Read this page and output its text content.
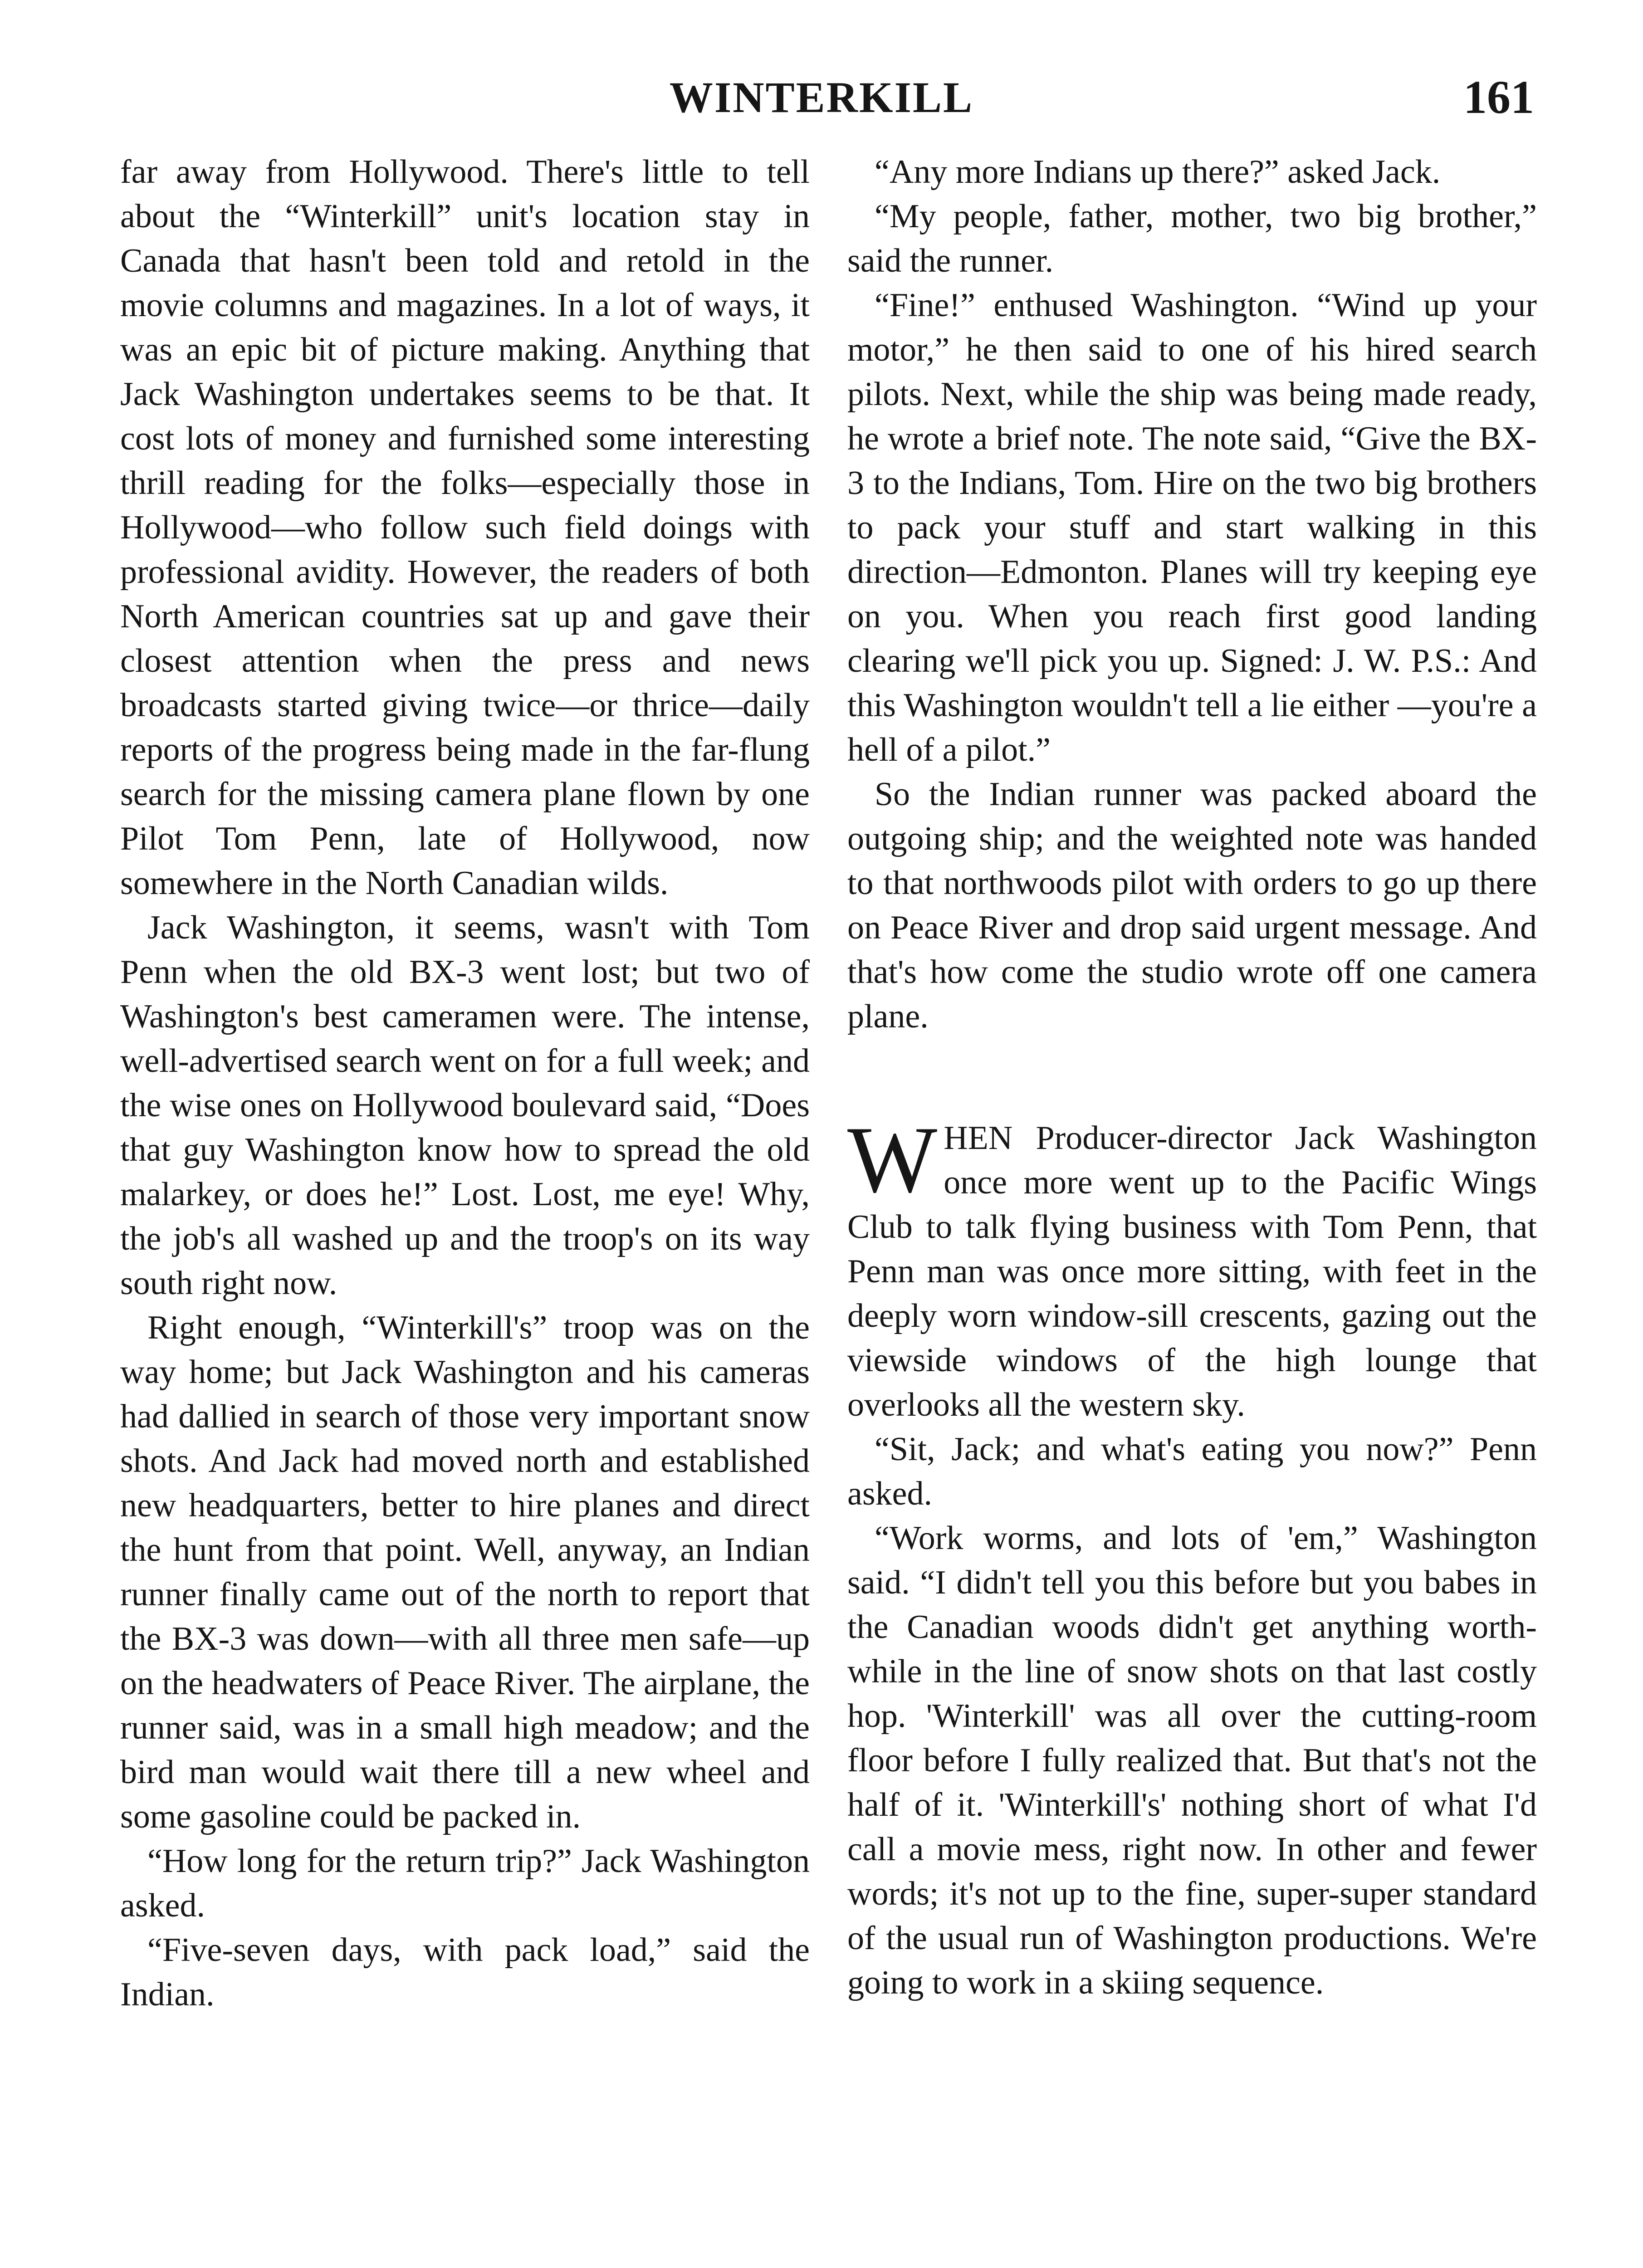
WINTERKILL	161

far away from Hollywood. There's little to tell about the “Winterkill” unit's location stay in Canada that hasn't been told and retold in the movie columns and magazines. In a lot of ways, it was an epic bit of picture making. Anything that Jack Washington undertakes seems to be that. It cost lots of money and furnished some interesting thrill reading for the folks—especially those in Hollywood—who follow such field doings with professional avidity. However, the readers of both North American countries sat up and gave their closest attention when the press and news broadcasts started giving twice—or thrice—daily reports of the progress being made in the far-flung search for the missing camera plane flown by one Pilot Tom Penn, late of Hollywood, now somewhere in the North Canadian wilds.

Jack Washington, it seems, wasn't with Tom Penn when the old BX-3 went lost; but two of Washington's best cameramen were. The intense, well-advertised search went on for a full week; and the wise ones on Hollywood boulevard said, “Does that guy Washington know how to spread the old malarkey, or does he!” Lost. Lost, me eye! Why, the job's all washed up and the troop's on its way south right now.

Right enough, “Winterkill's” troop was on the way home; but Jack Washington and his cameras had dallied in search of those very important snow shots. And Jack had moved north and established new headquarters, better to hire planes and direct the hunt from that point. Well, anyway, an Indian runner finally came out of the north to report that the BX-3 was down—with all three men safe—up on the headwaters of Peace River. The airplane, the runner said, was in a small high meadow; and the bird man would wait there till a new wheel and some gasoline could be packed in.

“How long for the return trip?” Jack Washington asked.

“Five-seven days, with pack load,” said the Indian.

“Any more Indians up there?” asked Jack.

“My people, father, mother, two big brother,” said the runner.

“Fine!” enthused Washington. “Wind up your motor,” he then said to one of his hired search pilots. Next, while the ship was being made ready, he wrote a brief note. The note said, “Give the BX-3 to the Indians, Tom. Hire on the two big brothers to pack your stuff and start walking in this direction—Edmonton. Planes will try keeping eye on you. When you reach first good landing clearing we'll pick you up. Signed: J. W. P.S.: And this Washington wouldn't tell a lie either —you're a hell of a pilot.”

So the Indian runner was packed aboard the outgoing ship; and the weighted note was handed to that northwoods pilot with orders to go up there on Peace River and drop said urgent message. And that's how come the studio wrote off one camera plane.

WHEN Producer-director Jack Washington once more went up to the Pacific Wings Club to talk flying business with Tom Penn, that Penn man was once more sitting, with feet in the deeply worn window-sill crescents, gazing out the viewside windows of the high lounge that overlooks all the western sky.

“Sit, Jack; and what's eating you now?” Penn asked.

“Work worms, and lots of 'em,” Washington said. “I didn't tell you this before but you babes in the Canadian woods didn't get anything worth-while in the line of snow shots on that last costly hop. 'Winterkill' was all over the cutting-room floor before I fully realized that. But that's not the half of it. 'Winterkill's' nothing short of what I'd call a movie mess, right now. In other and fewer words; it's not up to the fine, super-super standard of the usual run of Washington productions. We're going to work in a skiing sequence.
